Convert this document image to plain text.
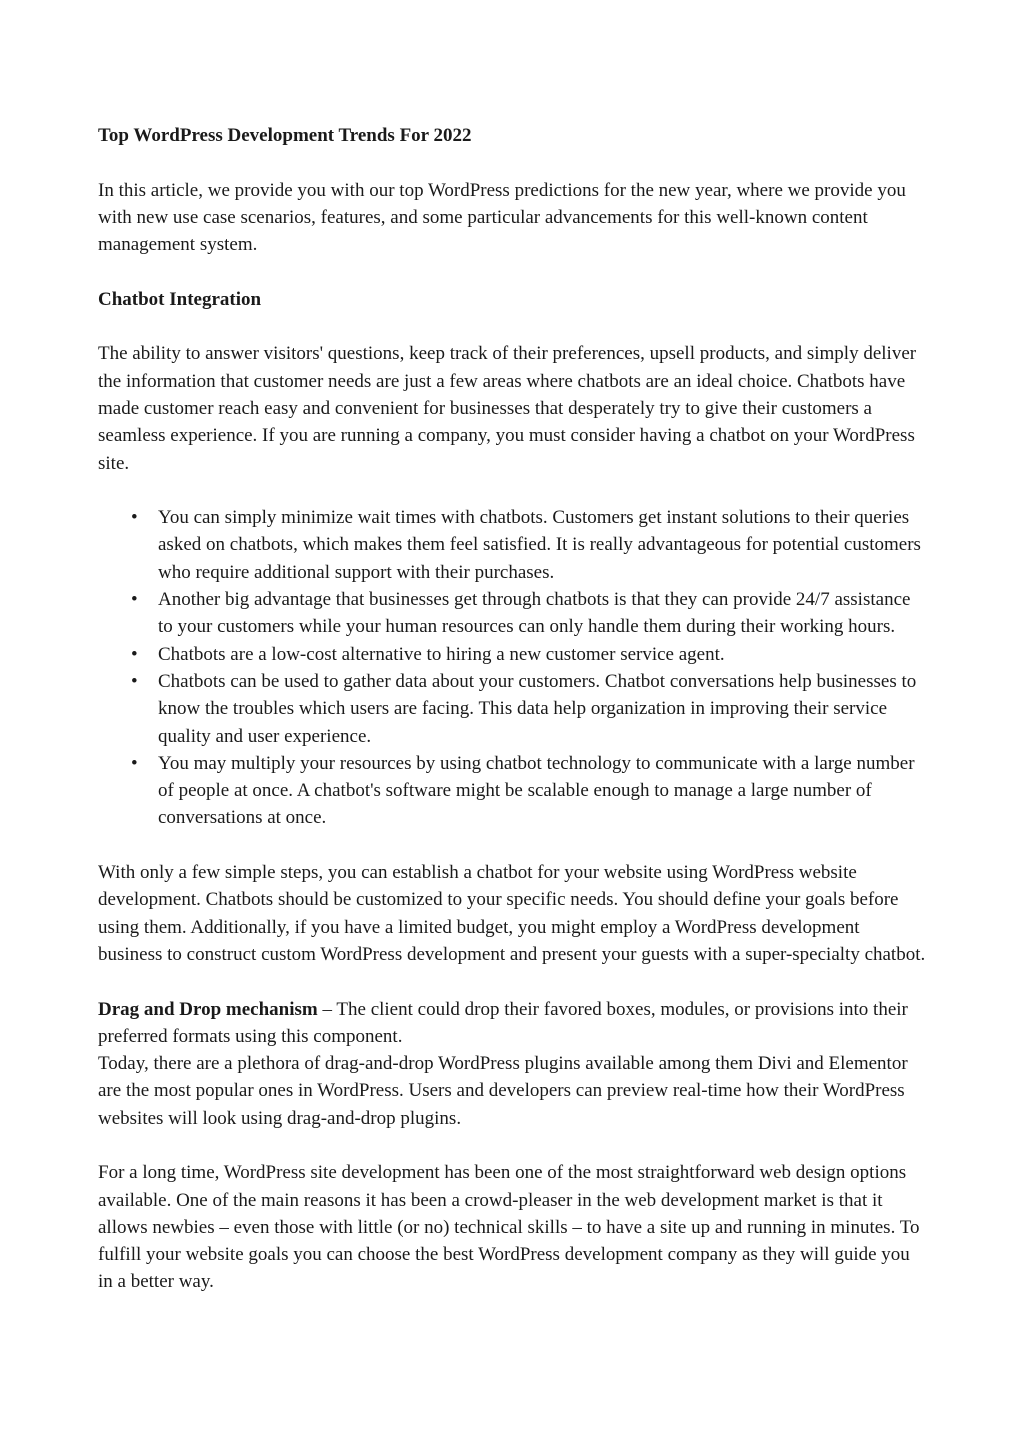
Top WordPress Development Trends For 2022

In this article, we provide you with our top WordPress predictions for the new year, where we provide you with new use case scenarios, features, and some particular advancements for this well-known content management system.

Chatbot Integration

The ability to answer visitors' questions, keep track of their preferences, upsell products, and simply deliver the information that customer needs are just a few areas where chatbots are an ideal choice. Chatbots have made customer reach easy and convenient for businesses that desperately try to give their customers a seamless experience. If you are running a company, you must consider having a chatbot on your WordPress site.

• You can simply minimize wait times with chatbots. Customers get instant solutions to their queries asked on chatbots, which makes them feel satisfied. It is really advantageous for potential customers who require additional support with their purchases.
• Another big advantage that businesses get through chatbots is that they can provide 24/7 assistance to your customers while your human resources can only handle them during their working hours.
• Chatbots are a low-cost alternative to hiring a new customer service agent.
• Chatbots can be used to gather data about your customers. Chatbot conversations help businesses to know the troubles which users are facing. This data help organization in improving their service quality and user experience.
• You may multiply your resources by using chatbot technology to communicate with a large number of people at once. A chatbot's software might be scalable enough to manage a large number of conversations at once.

With only a few simple steps, you can establish a chatbot for your website using WordPress website development. Chatbots should be customized to your specific needs. You should define your goals before using them. Additionally, if you have a limited budget, you might employ a WordPress development business to construct custom WordPress development and present your guests with a super-specialty chatbot.

Drag and Drop mechanism – The client could drop their favored boxes, modules, or provisions into their preferred formats using this component.

Today, there are a plethora of drag-and-drop WordPress plugins available among them Divi and Elementor are the most popular ones in WordPress. Users and developers can preview real-time how their WordPress websites will look using drag-and-drop plugins.

For a long time, WordPress site development has been one of the most straightforward web design options available. One of the main reasons it has been a crowd-pleaser in the web development market is that it allows newbies – even those with little (or no) technical skills – to have a site up and running in minutes. To fulfill your website goals you can choose the best WordPress development company as they will guide you in a better way.
